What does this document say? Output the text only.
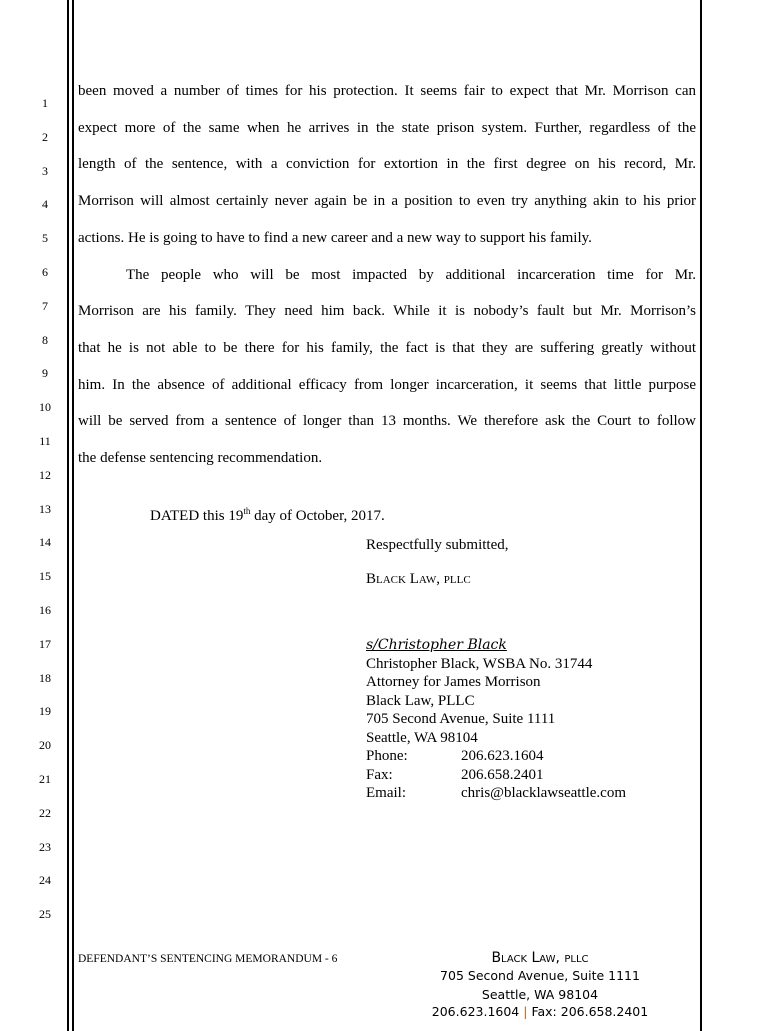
1
2
3
4
5
6
7
8
9
10
11
12
13
14
15
16
17
18
19
20
21
22
23
24
25
been moved a number of times for his protection. It seems fair to expect that Mr. Morrison can
expect more of the same when he arrives in the state prison system. Further, regardless of the
length of the sentence, with a conviction for extortion in the first degree on his record, Mr.
Morrison will almost certainly never again be in a position to even try anything akin to his prior
actions. He is going to have to find a new career and a new way to support his family.
The people who will be most impacted by additional incarceration time for Mr.
Morrison are his family. They need him back. While it is nobody’s fault but Mr. Morrison’s
that he is not able to be there for his family, the fact is that they are suffering greatly without
him. In the absence of additional efficacy from longer incarceration, it seems that little purpose
will be served from a sentence of longer than 13 months. We therefore ask the Court to follow
the defense sentencing recommendation.
DATED this 19th day of October, 2017.
Respectfully submitted,
Black Law, pllc
s/Christopher Black
Christopher Black, WSBA No. 31744
Attorney for James Morrison
Black Law, PLLC
705 Second Avenue, Suite 1111
Seattle, WA 98104
Phone:	206.623.1604
Fax:	206.658.2401
Email:	chris@blacklawseattle.com
DEFENDANT’S SENTENCING MEMORANDUM - 6	Black Law, pllc
705 Second Avenue, Suite 1111
Seattle, WA 98104
206.623.1604 | Fax: 206.658.2401
